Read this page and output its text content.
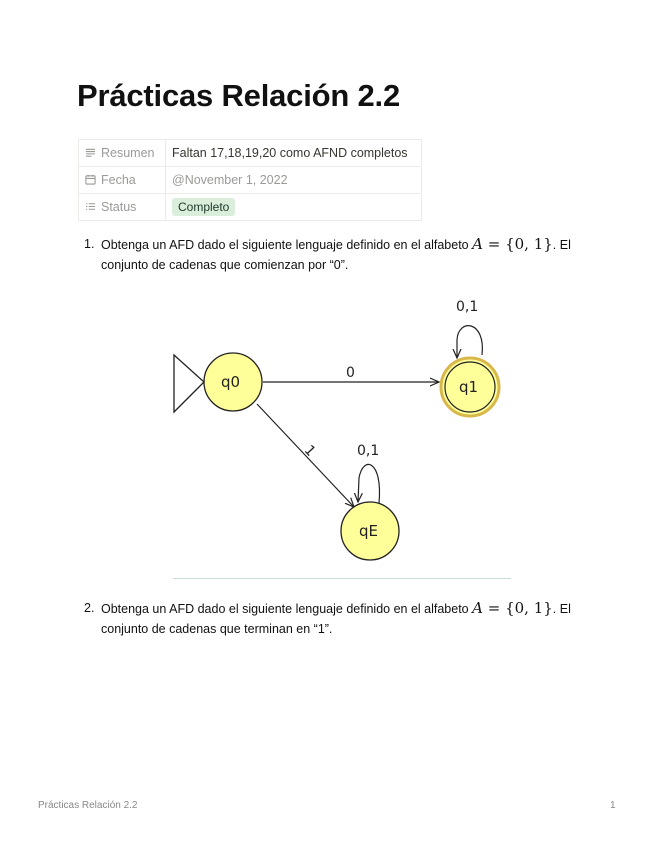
Prácticas Relación 2.2
Resumen	Faltan 17,18,19,20 como AFND completos
Fecha	@November 1, 2022
Status	Completo
1. Obtenga un AFD dado el siguiente lenguaje definido en el alfabeto A = {0, 1}. El conjunto de cadenas que comienzan por “0”.
0
1
0,1
0,1
q0	q1
qE
2. Obtenga un AFD dado el siguiente lenguaje definido en el alfabeto A = {0, 1}. El conjunto de cadenas que terminan en “1”.
Prácticas Relación 2.2	1
